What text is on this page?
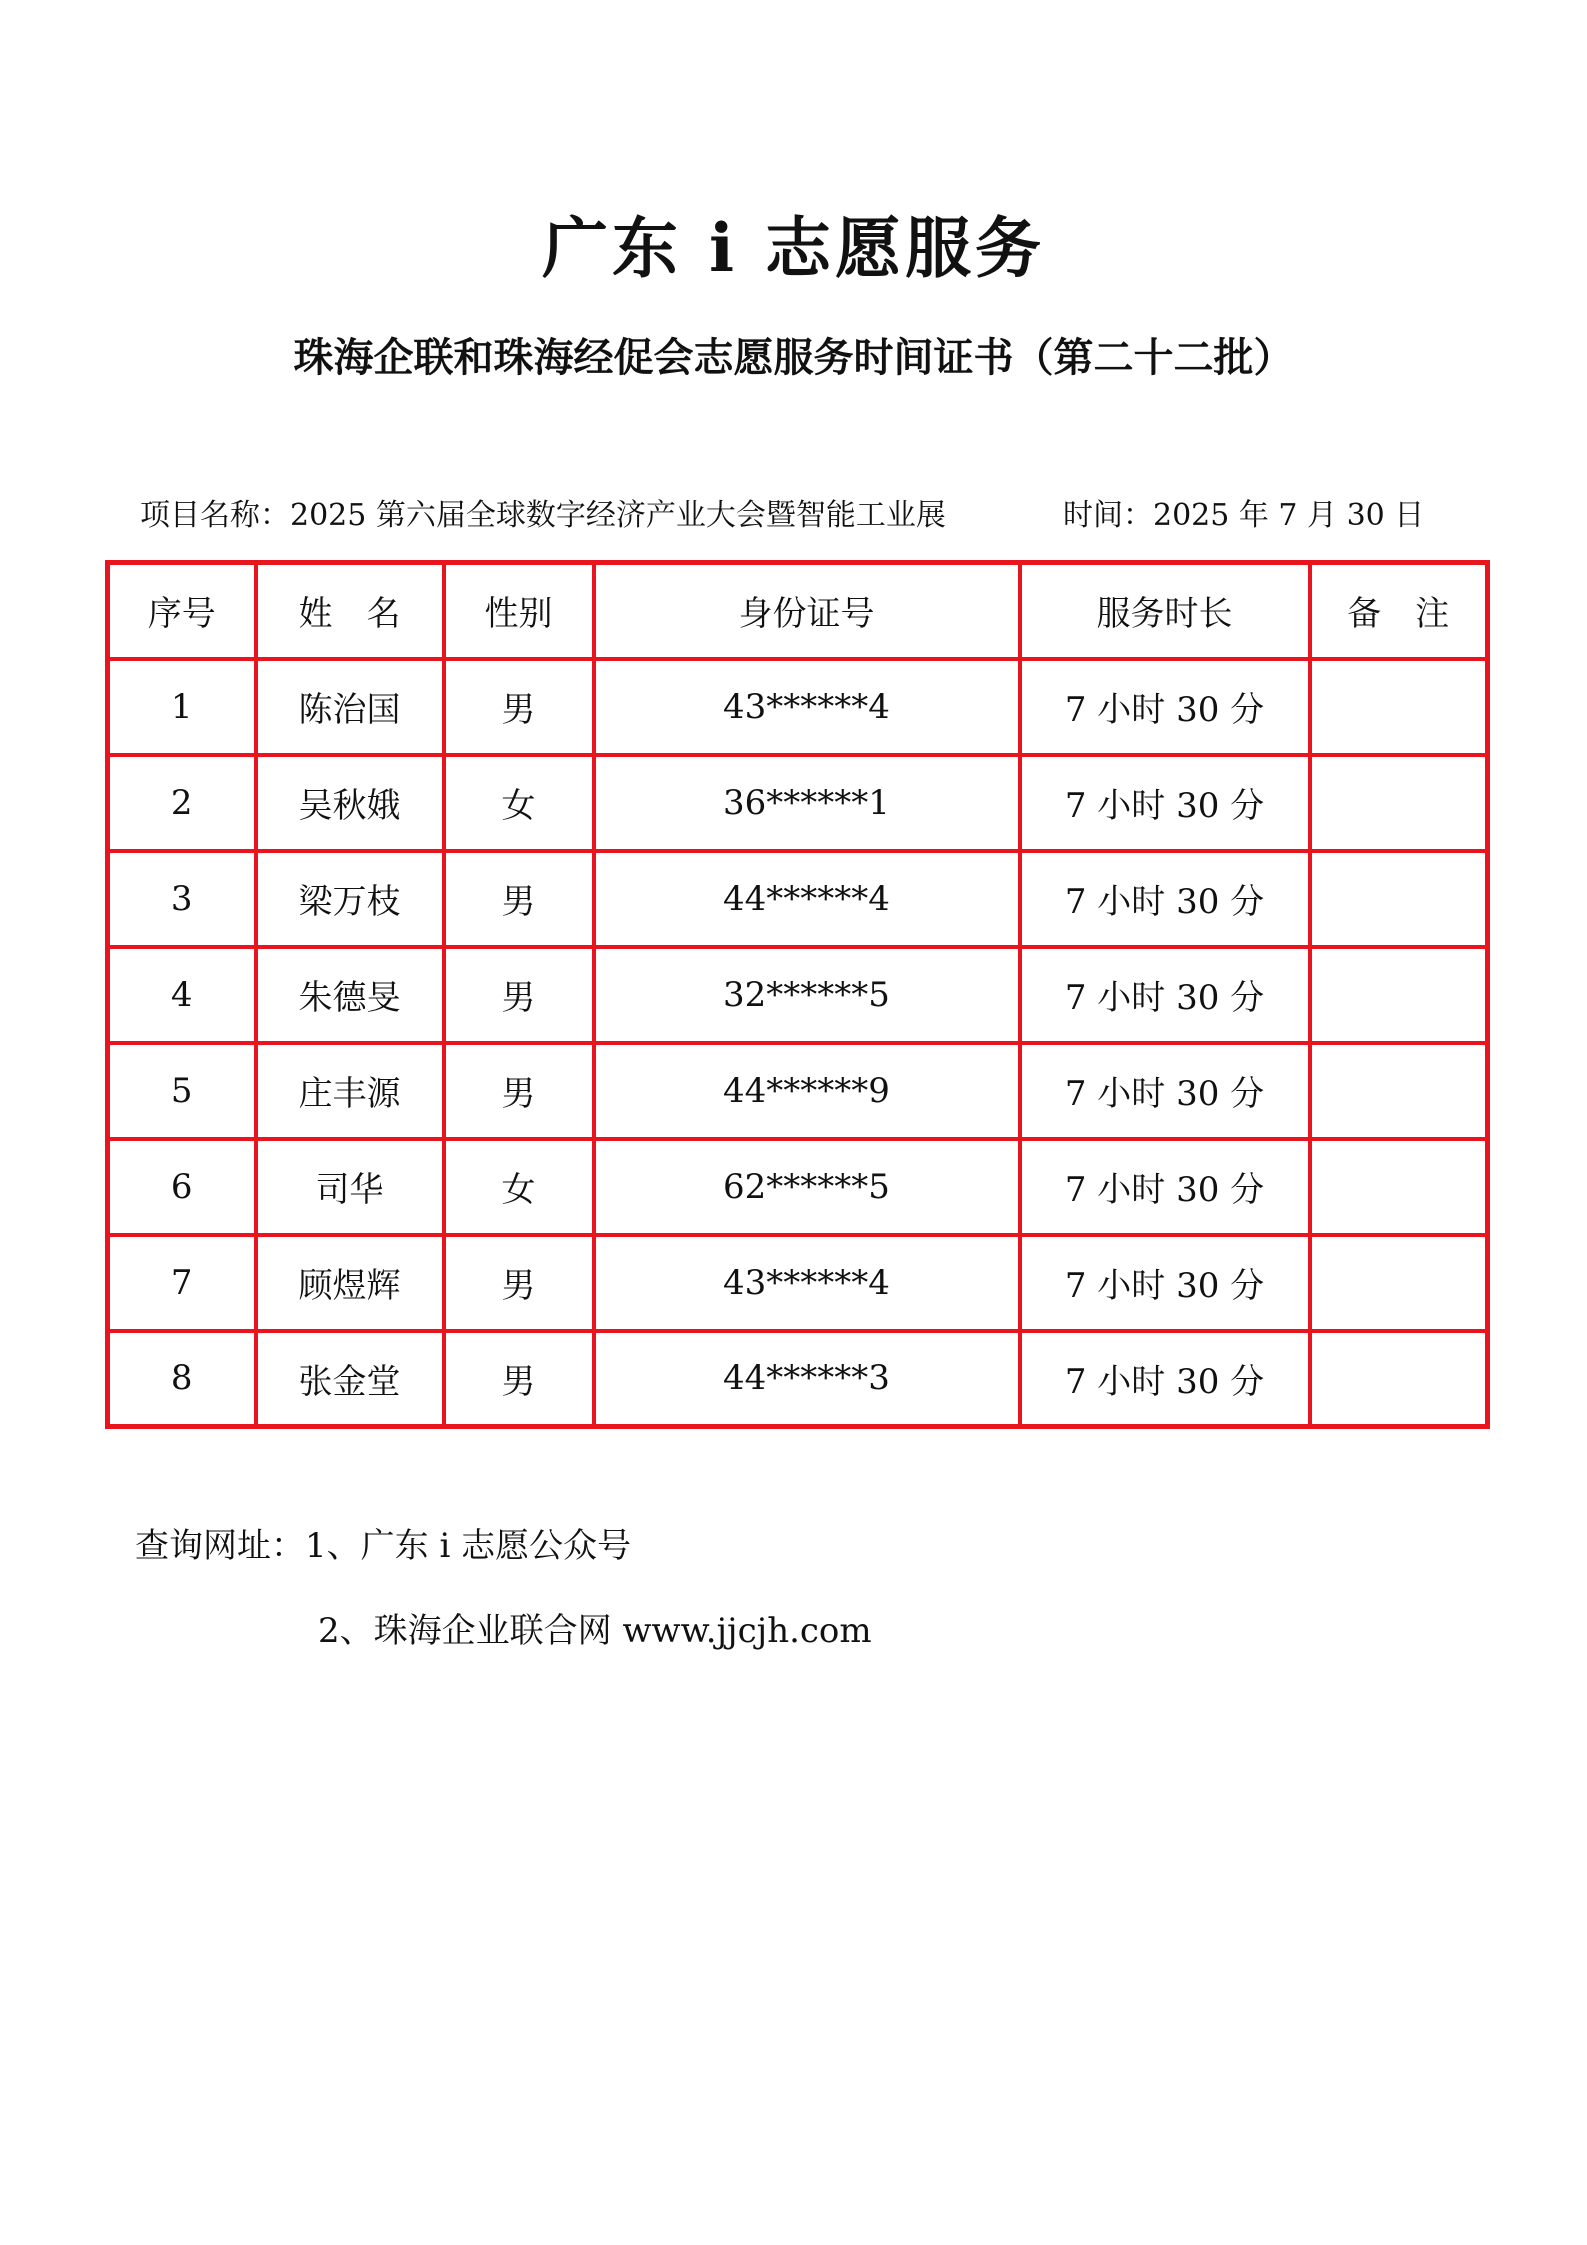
广东 i 志愿服务
珠海企联和珠海经促会志愿服务时间证书（第二十二批）
项目名称：2025 第六届全球数字经济产业大会暨智能工业展	时间：2025 年 7 月 30 日
序号	姓　名	性别	身份证号	服务时长	备　注
1	陈治国	男	43******4	7 小时 30 分	
2	吴秋娥	女	36******1	7 小时 30 分	
3	梁万枝	男	44******4	7 小时 30 分	
4	朱德旻	男	32******5	7 小时 30 分	
5	庄丰源	男	44******9	7 小时 30 分	
6	司华	女	62******5	7 小时 30 分	
7	顾煜辉	男	43******4	7 小时 30 分	
8	张金堂	男	44******3	7 小时 30 分	
查询网址：1、广东 i 志愿公众号
2、珠海企业联合网 www.jjcjh.com
